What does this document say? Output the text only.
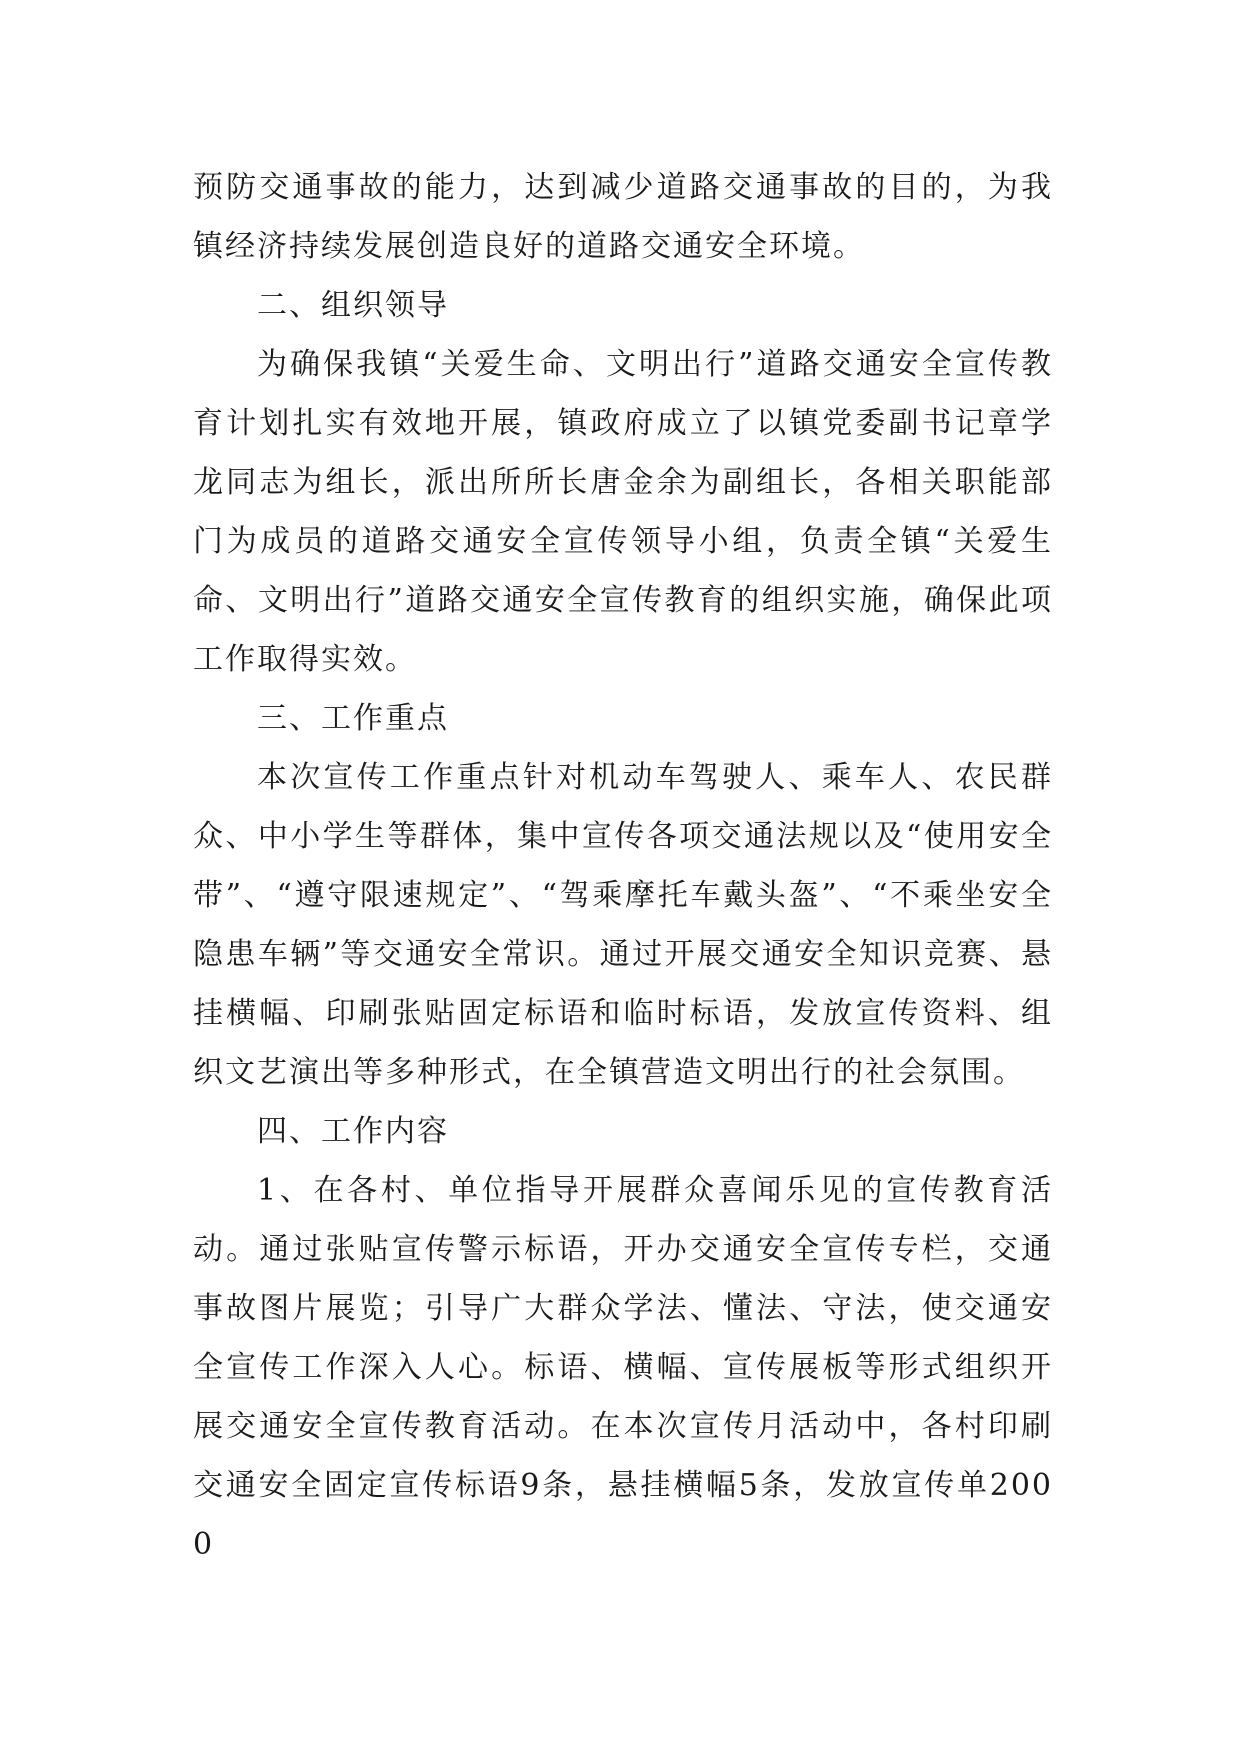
预防交通事故的能力，达到减少道路交通事故的目的，为我镇经济持续发展创造良好的道路交通安全环境。

二、组织领导

为确保我镇“关爱生命、文明出行”道路交通安全宣传教育计划扎实有效地开展，镇政府成立了以镇党委副书记章学龙同志为组长，派出所所长唐金余为副组长，各相关职能部门为成员的道路交通安全宣传领导小组，负责全镇“关爱生命、文明出行”道路交通安全宣传教育的组织实施，确保此项工作取得实效。

三、工作重点

本次宣传工作重点针对机动车驾驶人、乘车人、农民群众、中小学生等群体，集中宣传各项交通法规以及“使用安全带”、“遵守限速规定”、“驾乘摩托车戴头盔”、“不乘坐安全隐患车辆”等交通安全常识。通过开展交通安全知识竞赛、悬挂横幅、印刷张贴固定标语和临时标语，发放宣传资料、组织文艺演出等多种形式，在全镇营造文明出行的社会氛围。

四、工作内容

1、在各村、单位指导开展群众喜闻乐见的宣传教育活动。通过张贴宣传警示标语，开办交通安全宣传专栏，交通事故图片展览；引导广大群众学法、懂法、守法，使交通安全宣传工作深入人心。标语、横幅、宣传展板等形式组织开展交通安全宣传教育活动。在本次宣传月活动中，各村印刷交通安全固定宣传标语9条，悬挂横幅5条，发放宣传单2000
